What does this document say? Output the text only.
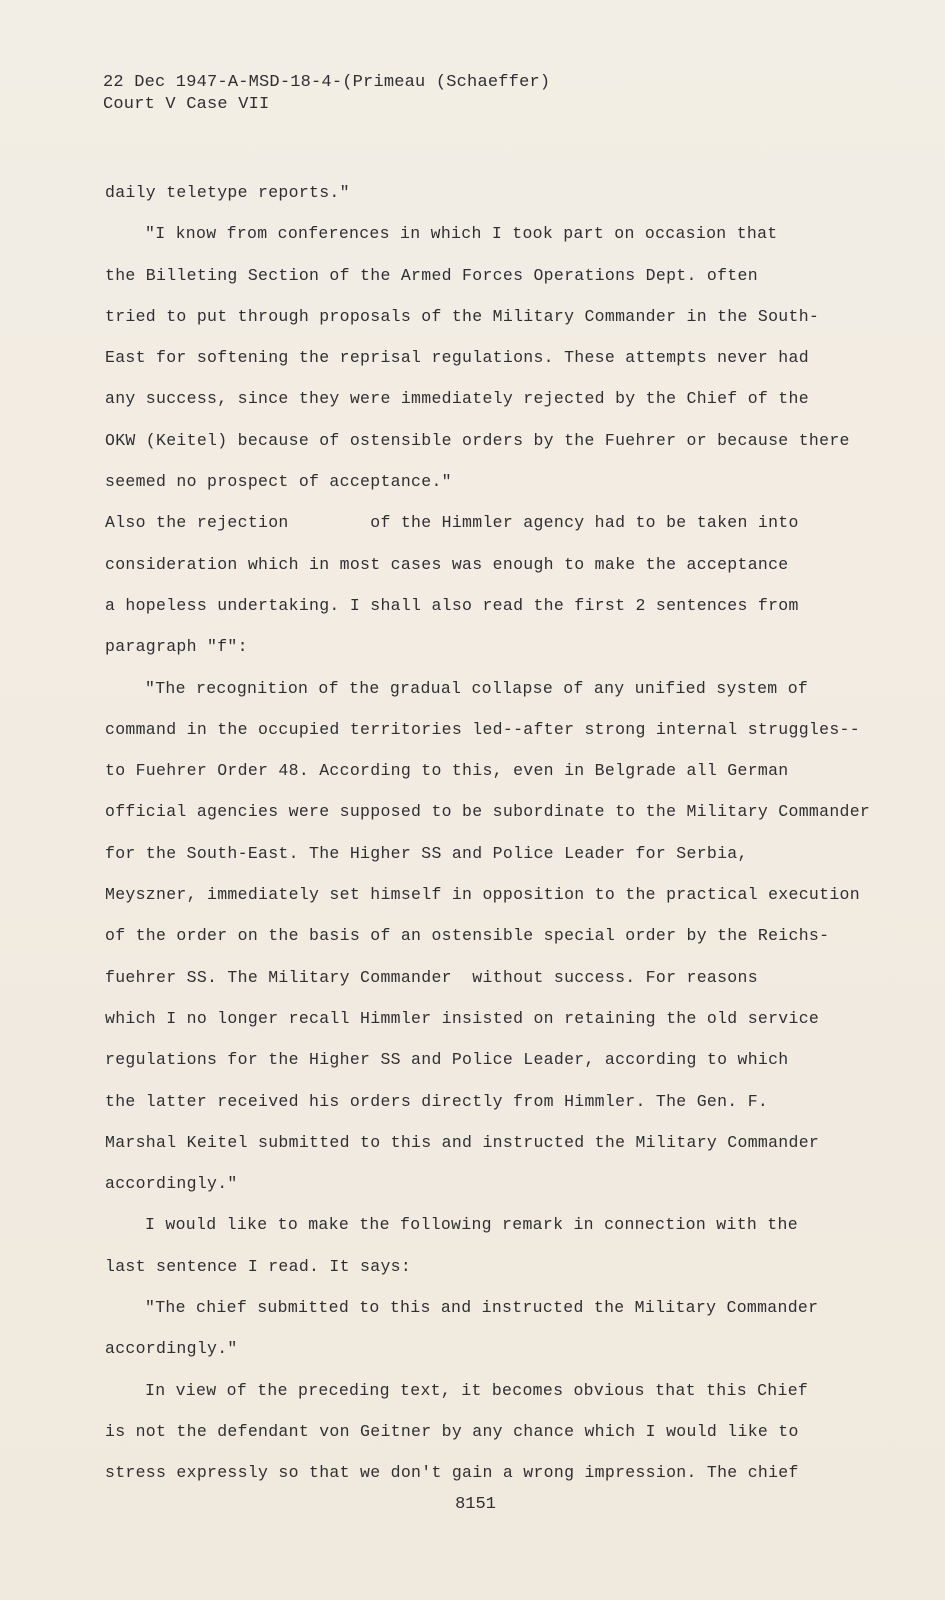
22 Dec 1947-A-MSD-18-4-(Primeau (Schaeffer)
Court V Case VII
daily teletype reports."
"I know from conferences in which I took part on occasion that
the Billeting Section of the Armed Forces Operations Dept. often
tried to put through proposals of the Military Commander in the South-
East for softening the reprisal regulations. These attempts never had
any success, since they were immediately rejected by the Chief of the
OKW (Keitel) because of ostensible orders by the Fuehrer or because there
seemed no prospect of acceptance."
Also the rejection        of the Himmler agency had to be taken into
consideration which in most cases was enough to make the acceptance
a hopeless undertaking. I shall also read the first 2 sentences from
paragraph "f":
"The recognition of the gradual collapse of any unified system of
command in the occupied territories led--after strong internal struggles--
to Fuehrer Order 48. According to this, even in Belgrade all German
official agencies were supposed to be subordinate to the Military Commander
for the South-East. The Higher SS and Police Leader for Serbia,
Meyszner, immediately set himself in opposition to the practical execution
of the order on the basis of an ostensible special order by the Reichs-
fuehrer SS. The Military Commander  without success. For reasons
which I no longer recall Himmler insisted on retaining the old service
regulations for the Higher SS and Police Leader, according to which
the latter received his orders directly from Himmler. The Gen. F.
Marshal Keitel submitted to this and instructed the Military Commander
accordingly."
I would like to make the following remark in connection with the
last sentence I read. It says:
"The chief submitted to this and instructed the Military Commander
accordingly."
In view of the preceding text, it becomes obvious that this Chief
is not the defendant von Geitner by any chance which I would like to
stress expressly so that we don't gain a wrong impression. The chief
8151
